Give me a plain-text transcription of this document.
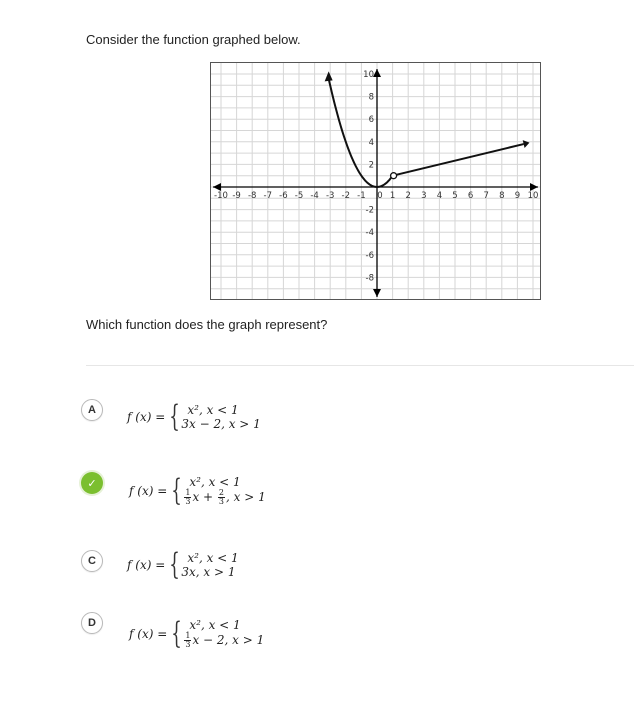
Consider the function graphed below.
-10 -9 -8 -7 -6 -5 -4 -3 -2 -1 0 1 2 3 4 5 6 7 8 9 10
2
4
6
8
10
-2
-4
-6
-8
Which function does the graph represent?
A	f (x) = { x², x < 1
3x − 2, x > 1
✓	f (x) = { x², x < 1
$\frac{1}{3}$ $x + \frac{2}{3}$ , x > 1
C	f (x) = { x², x < 1
3x, x > 1
D
f (x) = { x², x < 1
$\frac{1}{3}$ x − 2, x > 1
